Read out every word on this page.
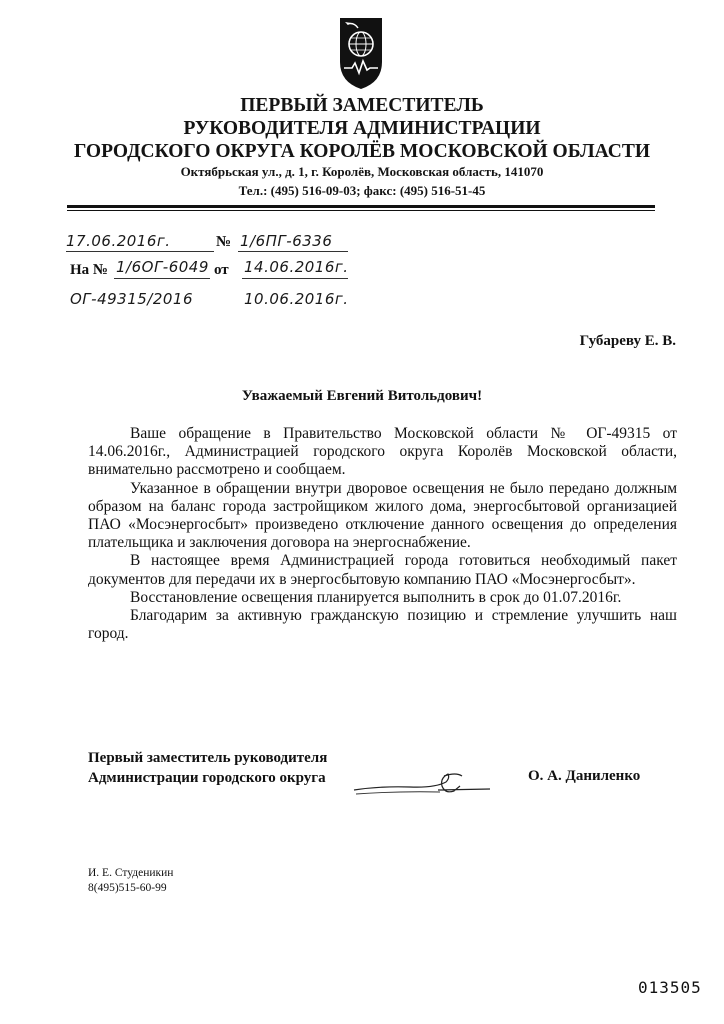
ПЕРВЫЙ ЗАМЕСТИТЕЛЬ
РУКОВОДИТЕЛЯ АДМИНИСТРАЦИИ
ГОРОДСКОГО ОКРУГА КОРОЛЁВ МОСКОВСКОЙ ОБЛАСТИ
Октябрьская ул., д. 1, г. Королёв, Московская область, 141070
Тел.: (495) 516-09-03; факс: (495) 516-51-45
17.06.2016г.	№ 1/6ПГ-6336
На № 1/6ОГ-6049 от 14.06.2016г.
ОГ-49315/2016	10.06.2016г.
Губареву Е. В.
Уважаемый Евгений Витольдович!

Ваше обращение в Правительство Московской области № ОГ-49315 от 14.06.2016г., Администрацией городского округа Королёв Московской области, внимательно рассмотрено и сообщаем.

Указанное в обращении внутри дворовое освещения не было передано должным образом на баланс города застройщиком жилого дома, энергосбытовой организацией ПАО «Мосэнергосбыт» произведено отключение данного освещения до определения плательщика и заключения договора на энергоснабжение.

В настоящее время Администрацией города готовиться необходимый пакет документов для передачи их в энергосбытовую компанию ПАО «Мосэнергосбыт».

Восстановление освещения планируется выполнить в срок до 01.07.2016г.

Благодарим за активную гражданскую позицию и стремление улучшить наш город.

Первый заместитель руководителя
Администрации городского округа	О. А. Даниленко
И. Е. Студеникин
8(495)515-60-99
013505
